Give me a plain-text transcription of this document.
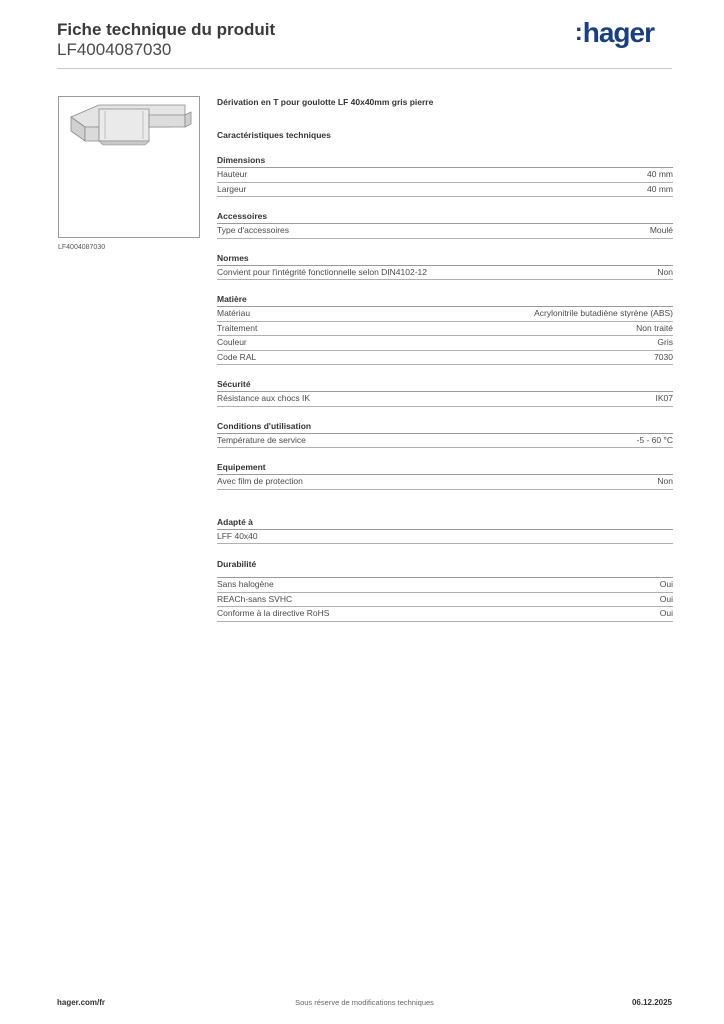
Fiche technique du produit
LF4004087030
:hager
LF4004087030
Dérivation en T pour goulotte LF 40x40mm gris pierre
Caractéristiques techniques
Dimensions
Hauteur	40 mm
Largeur	40 mm
Accessoires
Type d'accessoires	Moulé
Normes
Convient pour l'intégrité fonctionnelle selon DIN4102-12	Non
Matière
Matériau	Acrylonitrile butadiène styrène (ABS)
Traitement	Non traité
Couleur	Gris
Code RAL	7030
Sécurité
Résistance aux chocs IK	IK07
Conditions d'utilisation
Température de service	-5 - 60 °C
Equipement
Avec film de protection	Non
Adapté à
LFF 40x40
Durabilité
Sans halogène	Oui
REACh-sans SVHC	Oui
Conforme à la directive RoHS	Oui
hager.com/fr	Sous réserve de modifications techniques	06.12.2025
